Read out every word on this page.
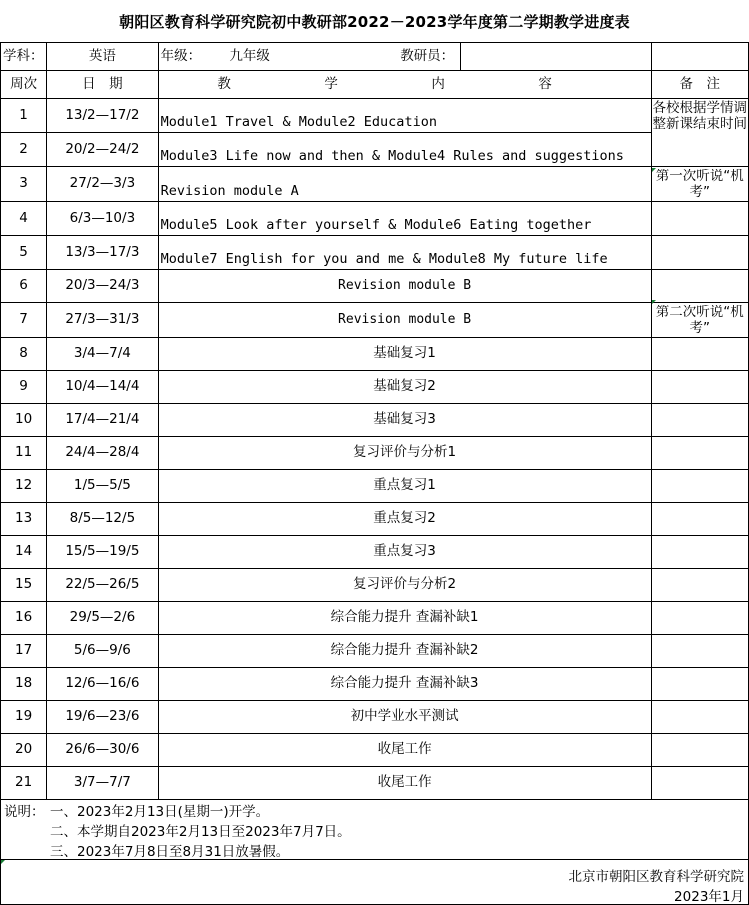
朝阳区教育科学研究院初中教研部2022－2023学年度第二学期教学进度表
学科：	英语	年级：	九年级 教研员：		
周次	日　期	教　学　内　容			备　注
1	13/2—17/2	Module1 Travel & Module2 Education			各校根据学情调整新课结束时间
2	20/2—24/2	Module3 Life now and then & Module4 Rules and suggestions			
3	27/2—3/3	Revision module A			第一次听说“机考”

4	6/3—10/3	Module5 Look after yourself & Module6 Eating together			
5	13/3—17/3	Module7 English for you and me & Module8 My future life			
6	20/3—24/3	Revision module B			
7	27/3—31/3	Revision module B			第二次听说“机考”

8	3/4—7/4	基础复习1			
9	10/4—14/4	基础复习2			
10	17/4—21/4	基础复习3			
11	24/4—28/4	复习评价与分析1			
12	1/5—5/5	重点复习1			
13	8/5—12/5	重点复习2			
14	15/5—19/5	重点复习3			
15	22/5—26/5	复习评价与分析2			
16	29/5—2/6	综合能力提升 查漏补缺1			
17	5/6—9/6	综合能力提升 查漏补缺2			
18	12/6—16/6	综合能力提升 查漏补缺3			
19	19/6—23/6	初中学业水平测试			
20	26/6—30/6	收尾工作			
21	3/7—7/7	收尾工作			
说明： 一、2023年2月13日(星期一)开学。
二、本学期自2023年2月13日至2023年7月7日。
三、2023年7月8日至8月31日放暑假。
北京市朝阳区教育科学研究院
2023年1月
